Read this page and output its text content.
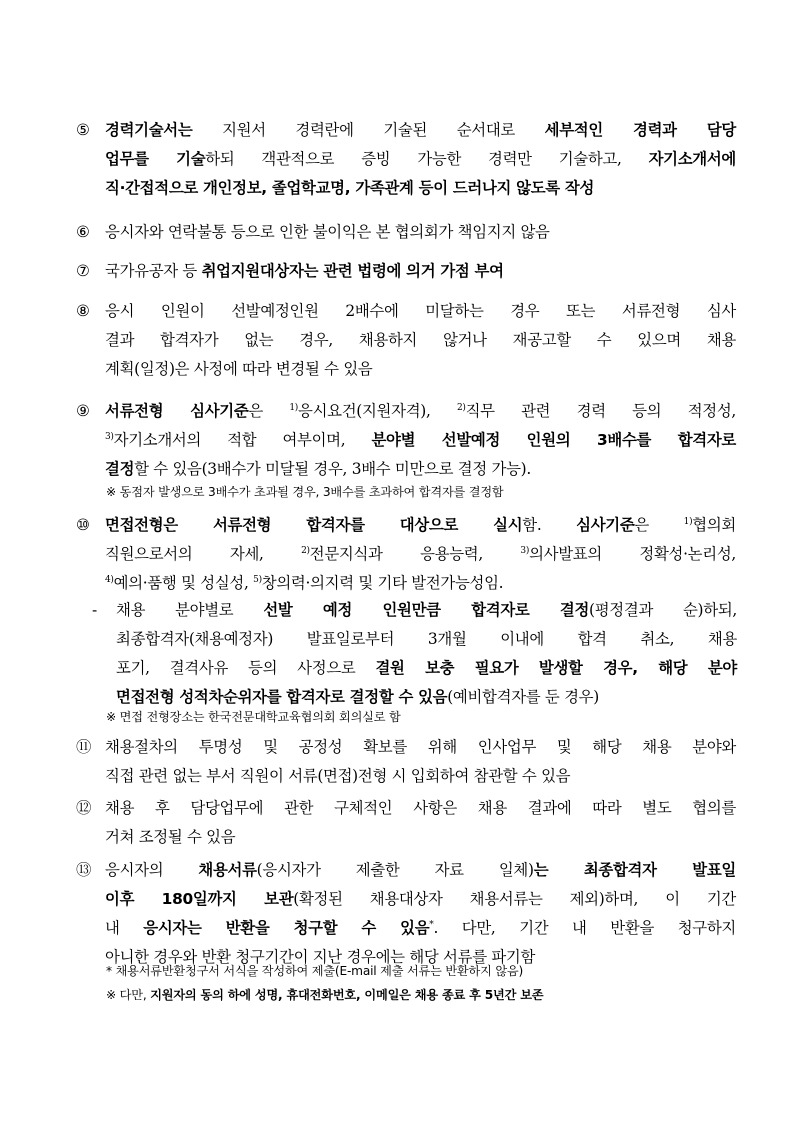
⑤	경력기술서는 지원서 경력란에 기술된 순서대로 세부적인 경력과 담당
업무를 기술하되 객관적으로 증빙 가능한 경력만 기술하고, 자기소개서에
직·간접적으로 개인정보, 졸업학교명, 가족관계 등이 드러나지 않도록 작성
⑥	응시자와 연락불통 등으로 인한 불이익은 본 협의회가 책임지지 않음
⑦	국가유공자 등 취업지원대상자는 관련 법령에 의거 가점 부여
⑧	응시 인원이 선발예정인원 2배수에 미달하는 경우 또는 서류전형 심사
결과 합격자가 없는 경우, 채용하지 않거나 재공고할 수 있으며 채용
계획(일정)은 사정에 따라 변경될 수 있음
⑨	서류전형 심사기준은 $^{1)}$응시요건(지원자격), $^{2)}$직무 관련 경력 등의 적정성,
$^{3)}$자기소개서의 적합 여부이며, 분야별 선발예정 인원의 3배수를 합격자로
결정할 수 있음(3배수가 미달될 경우, 3배수 미만으로 결정 가능).
※ 동점자 발생으로 3배수가 초과될 경우, 3배수를 초과하여 합격자를 결정함
⑩	면접전형은 서류전형 합격자를 대상으로 실시함. 심사기준은 $^{1)}$협의회
직원으로서의 자세, $^{2)}$전문지식과 응용능력, $^{3)}$의사발표의 정확성·논리성,
$^{4)}$예의·품행 및 성실성, $^{5)}$창의력·의지력 및 기타 발전가능성임.
- 채용 분야별로 선발 예정 인원만큼 합격자로 결정(평정결과 순)하되,
최종합격자(채용예정자) 발표일로부터 3개월 이내에 합격 취소, 채용
포기, 결격사유 등의 사정으로 결원 보충 필요가 발생할 경우, 해당 분야
면접전형 성적차순위자를 합격자로 결정할 수 있음(예비합격자를 둔 경우)
※ 면접 전형장소는 한국전문대학교육협의회 회의실로 함
⑪ 채용절차의 투명성 및 공정성 확보를 위해 인사업무 및 해당 채용 분야와
직접 관련 없는 부서 직원이 서류(면접)전형 시 입회하여 참관할 수 있음
⑫ 채용 후 담당업무에 관한 구체적인 사항은 채용 결과에 따라 별도 협의를
거쳐 조정될 수 있음
⑬ 응시자의 채용서류(응시자가 제출한 자료 일체)는 최종합격자 발표일
이후 180일까지 보관(확정된 채용대상자 채용서류는 제외)하며, 이 기간
내 응시자는 반환을 청구할 수 있음*. 다만, 기간 내 반환을 청구하지
아니한 경우와 반환 청구기간이 지난 경우에는 해당 서류를 파기함
* 채용서류반환청구서 서식을 작성하여 제출(E-mail 제출 서류는 반환하지 않음)
※ 다만, 지원자의 동의 하에 성명, 휴대전화번호, 이메일은 채용 종료 후 5년간 보존
